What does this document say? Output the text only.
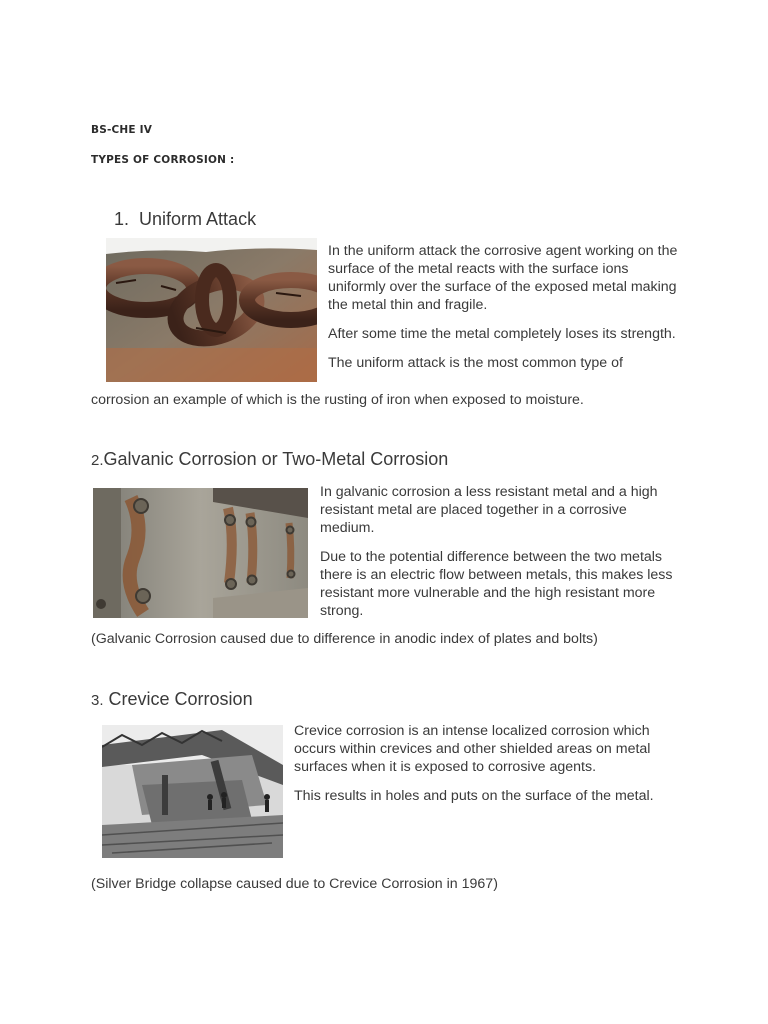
BS-CHE IV
TYPES OF CORROSION :
1. Uniform Attack

In the uniform attack the corrosive agent working on the surface of the metal reacts with the surface ions uniformly over the surface of the exposed metal making the metal thin and fragile.

After some time the metal completely loses its strength.

The uniform attack is the most common type of

corrosion an example of which is the rusting of iron when exposed to moisture.

2.Galvanic Corrosion or Two-Metal Corrosion

In galvanic corrosion a less resistant metal and a high resistant metal are placed together in a corrosive medium.

Due to the potential difference between the two metals there is an electric flow between metals, this makes less resistant more vulnerable and the high resistant more strong.

(Galvanic Corrosion caused due to difference in anodic index of plates and bolts)

3. Crevice Corrosion

Crevice corrosion is an intense localized corrosion which occurs within crevices and other shielded areas on metal surfaces when it is exposed to corrosive agents.

This results in holes and puts on the surface of the metal.

(Silver Bridge collapse caused due to Crevice Corrosion in 1967)
